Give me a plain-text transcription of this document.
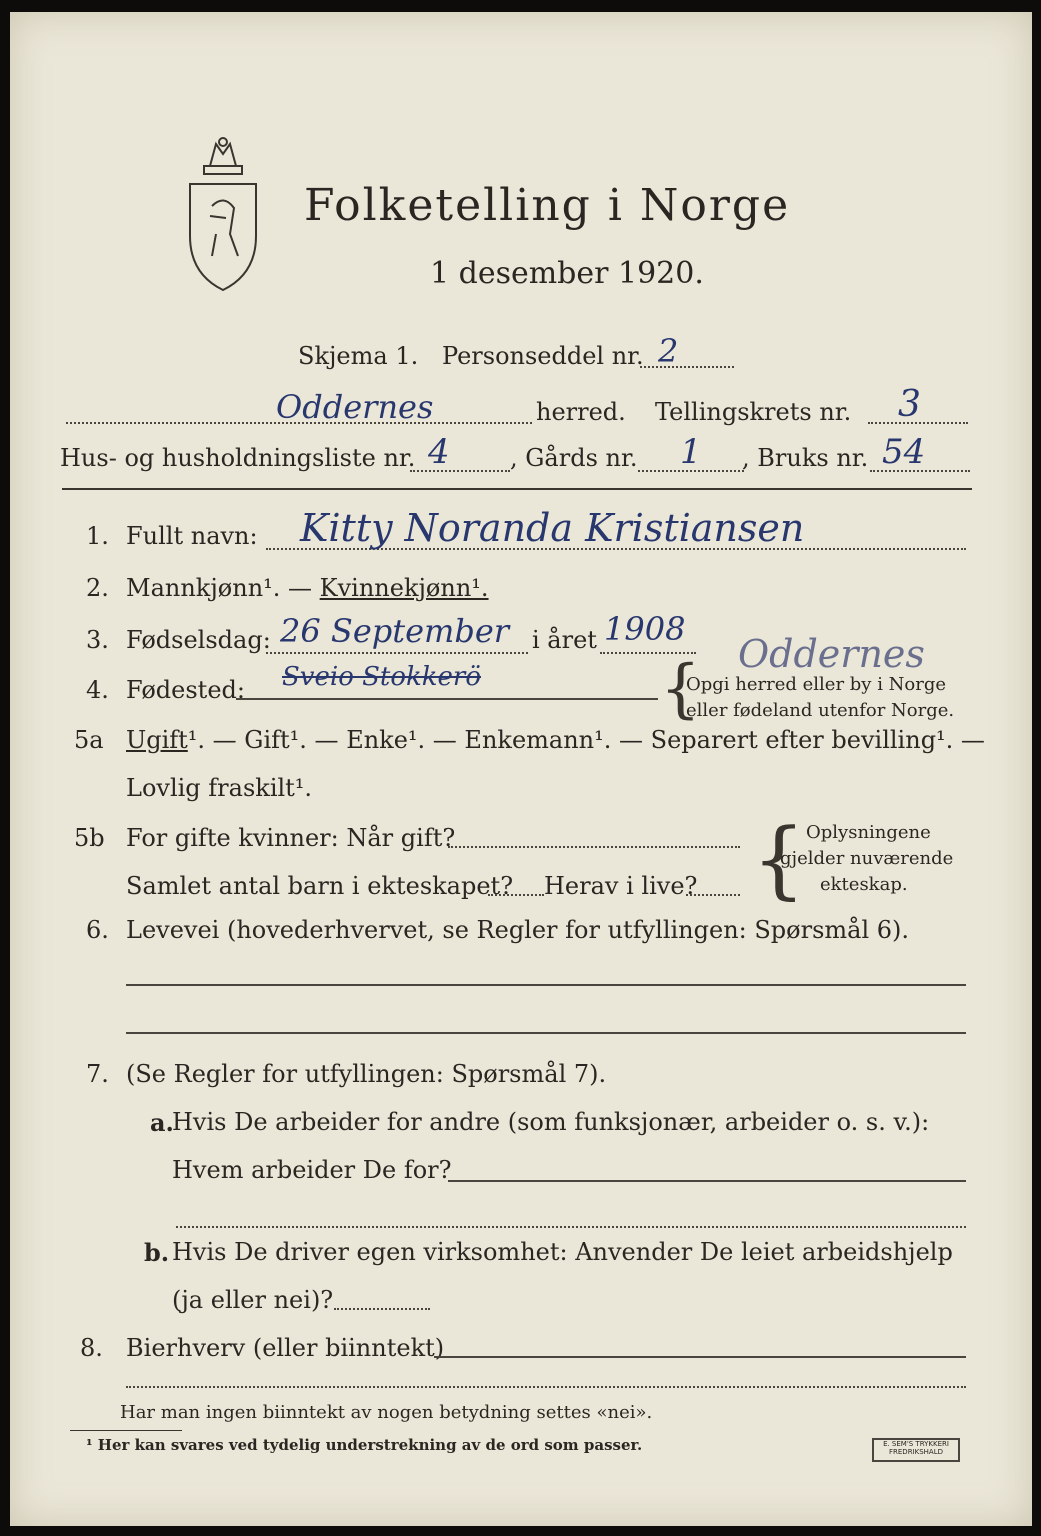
Folketelling i Norge
1 desember 1920.
Skjema 1. Personseddel nr. 2
Oddernes	herred. Tellingskrets nr. 3
Hus- og husholdningsliste nr. 4	, Gårds nr. 1 , Bruks nr. 54
1. Fullt navn: Kitty Noranda Kristiansen
2. Mannkjønn¹. — Kvinnekjønn¹.
3. Fødselsdag: 26 September i året 1908
Oddernes
4. Fødested: Sveio Stokkerö	{
Opgi herred eller by i Norge
eller fødeland utenfor Norge.
5a Ugift¹. — Gift¹. — Enke¹. — Enkemann¹. — Separert efter bevilling¹. —
Lovlig fraskilt¹.
5b For gifte kvinner: Når gift?
Samlet antal barn i ekteskapet? Herav i live? { Oplysningene
gjelder nuværende
ekteskap.
6. Levevei (hovederhvervet, se Regler for utfyllingen: Spørsmål 6).
7. (Se Regler for utfyllingen: Spørsmål 7).
a.
Hvis De arbeider for andre (som funksjonær, arbeider o. s. v.):
Hvem arbeider De for?
b. Hvis De driver egen virksomhet: Anvender De leiet arbeidshjelp
(ja eller nei)?
8. Bierhverv (eller biinntekt)
Har man ingen biinntekt av nogen betydning settes «nei».
¹ Her kan svares ved tydelig understrekning av de ord som passer.	E. SEM'S TRYKKERI FREDRIKSHALD
